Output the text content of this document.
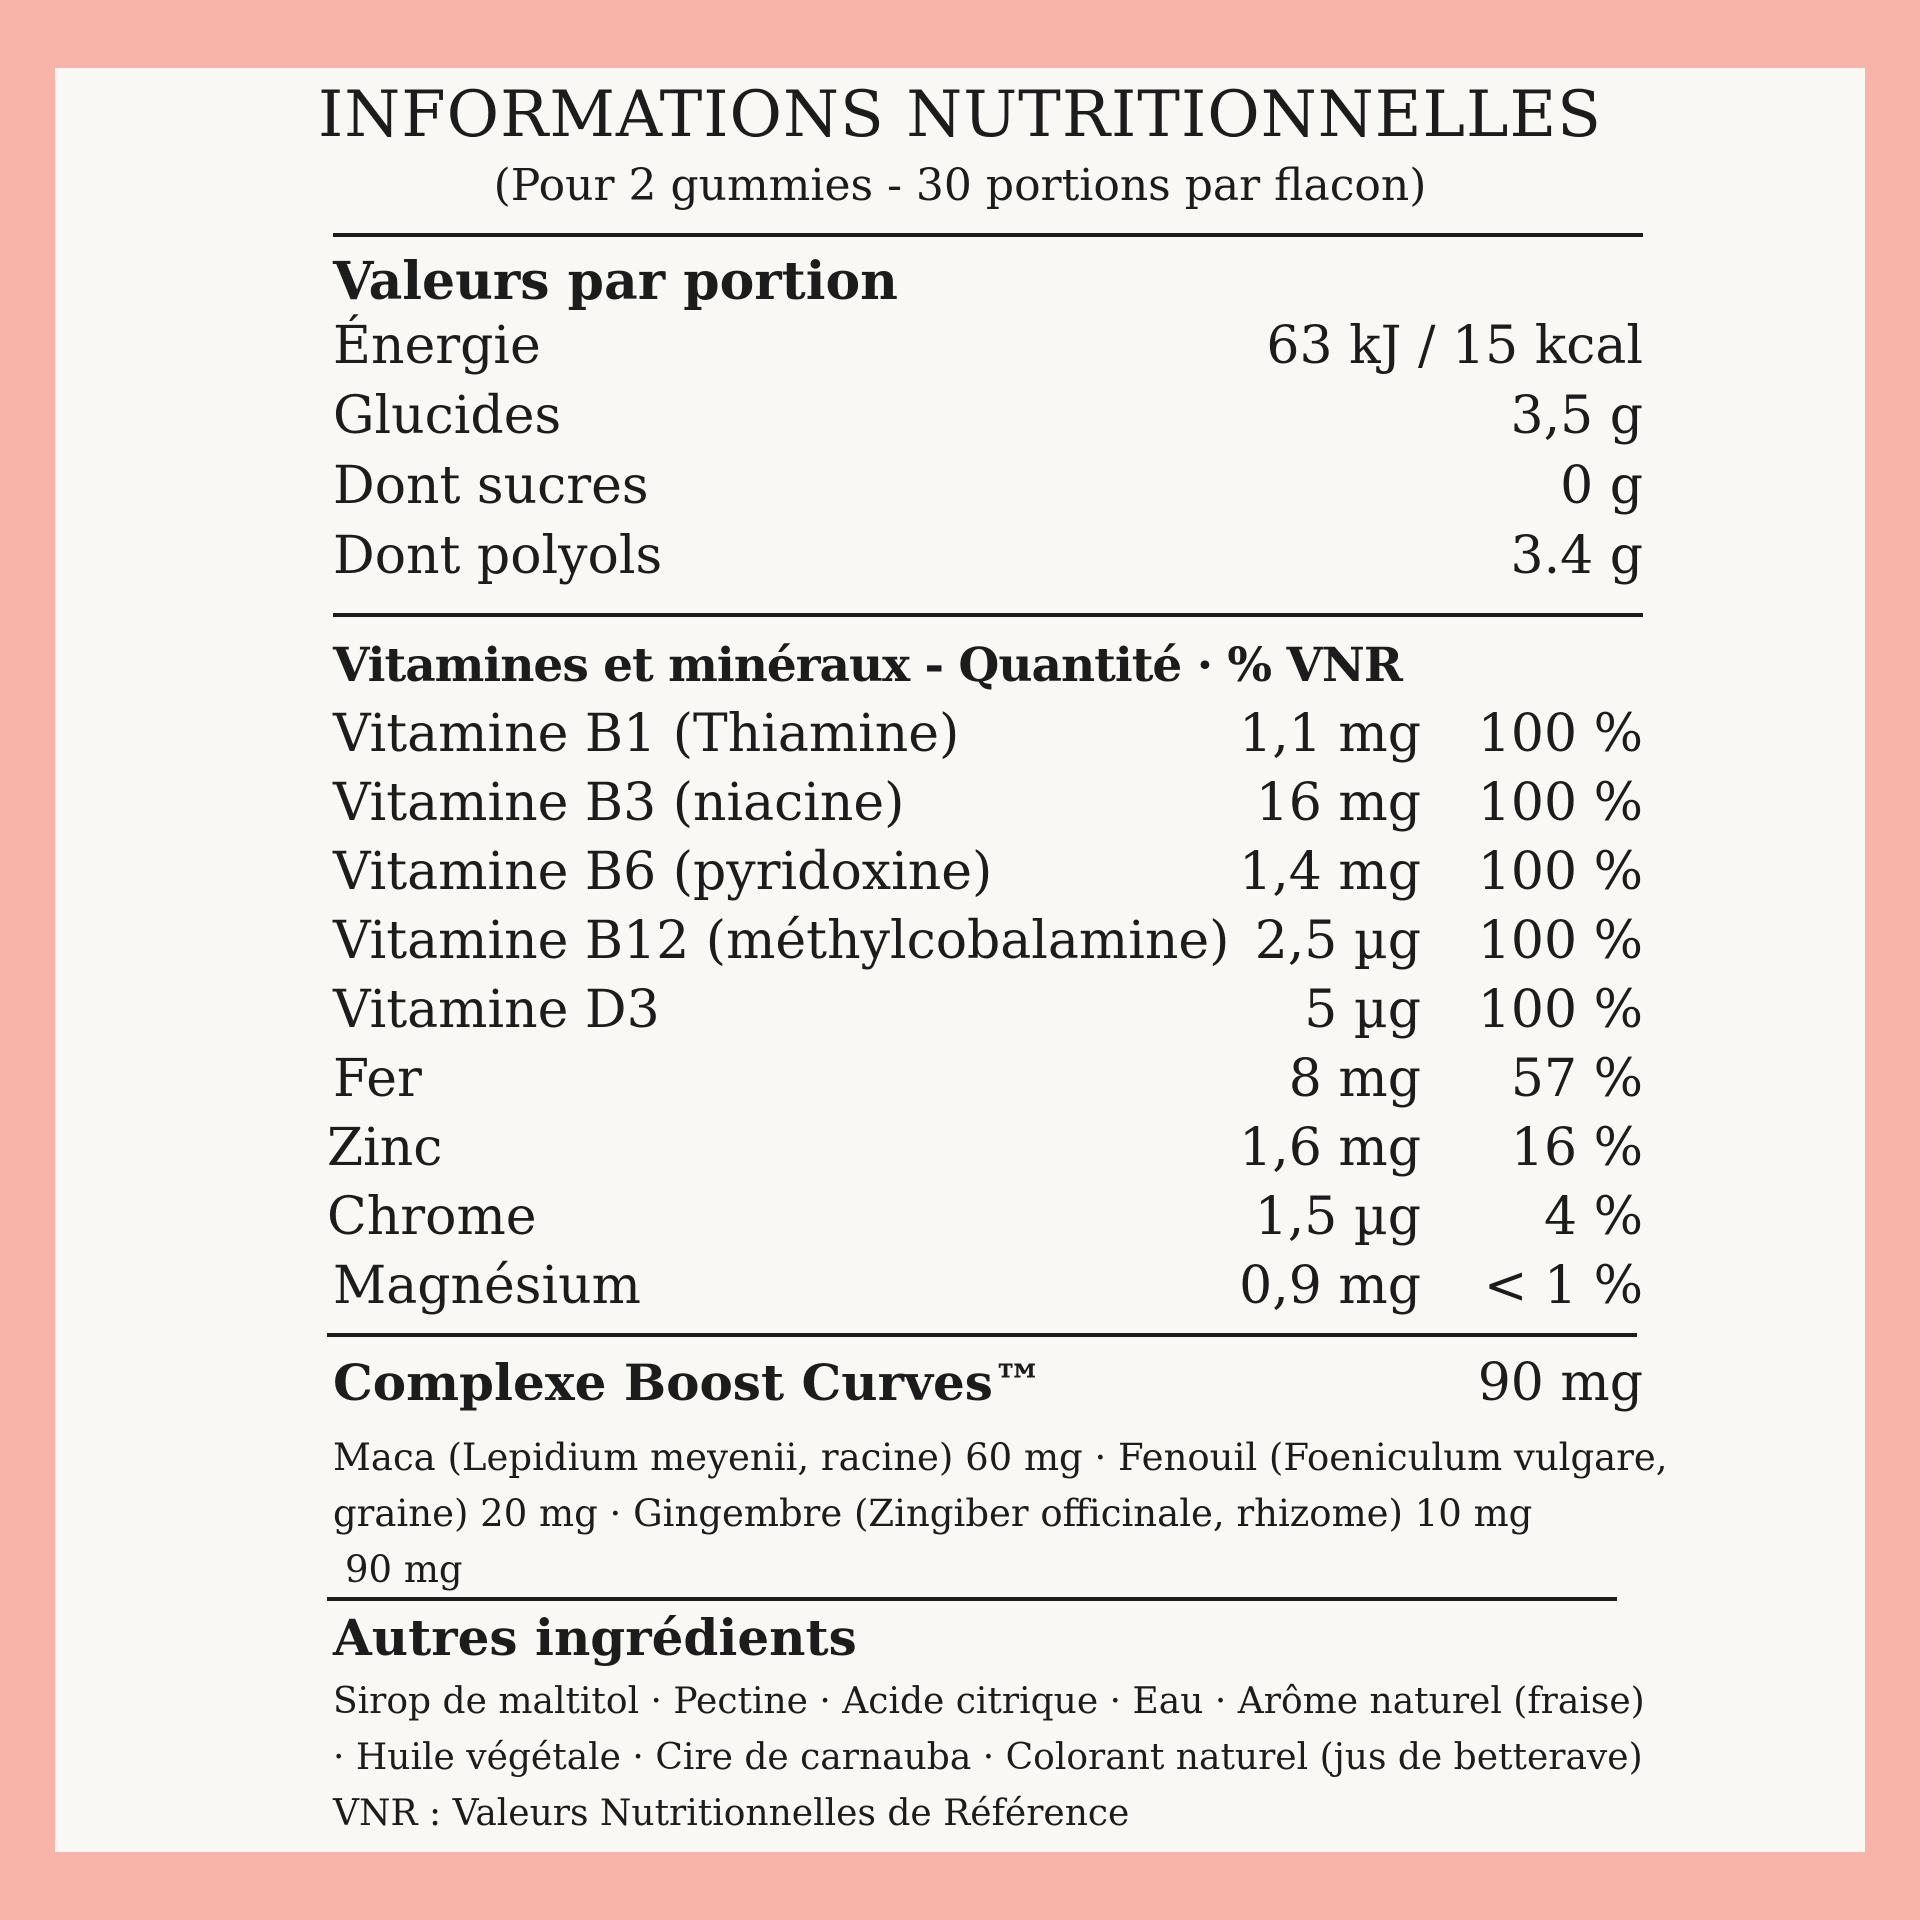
INFORMATIONS NUTRITIONNELLES
(Pour 2 gummies - 30 portions par flacon)
Valeurs par portion
Énergie	63 kJ / 15 kcal
Glucides	3,5 g
Dont sucres	0 g
Dont polyols	3.4 g
Vitamines et minéraux - Quantité · % VNR
Vitamine B1 (Thiamine)	1,1 mg 100 %
Vitamine B3 (niacine)	16 mg 100 %
Vitamine B6 (pyridoxine)	1,4 mg 100 %
Vitamine B12 (méthylcobalamine) 2,5 µg 100 %
Vitamine D3	5 µg 100 %
Fer	8 mg 57 %
Zinc	1,6 mg 16 %
Chrome	1,5 µg 4 %
Magnésium	0,9 mg < 1 %
Complexe Boost Curves™	90 mg
Maca (Lepidium meyenii, racine) 60 mg · Fenouil (Foeniculum vulgare,
graine) 20 mg · Gingembre (Zingiber officinale, rhizome) 10 mg
90 mg
Autres ingrédients
Sirop de maltitol · Pectine · Acide citrique · Eau · Arôme naturel (fraise)
· Huile végétale · Cire de carnauba · Colorant naturel (jus de betterave)
VNR : Valeurs Nutritionnelles de Référence
